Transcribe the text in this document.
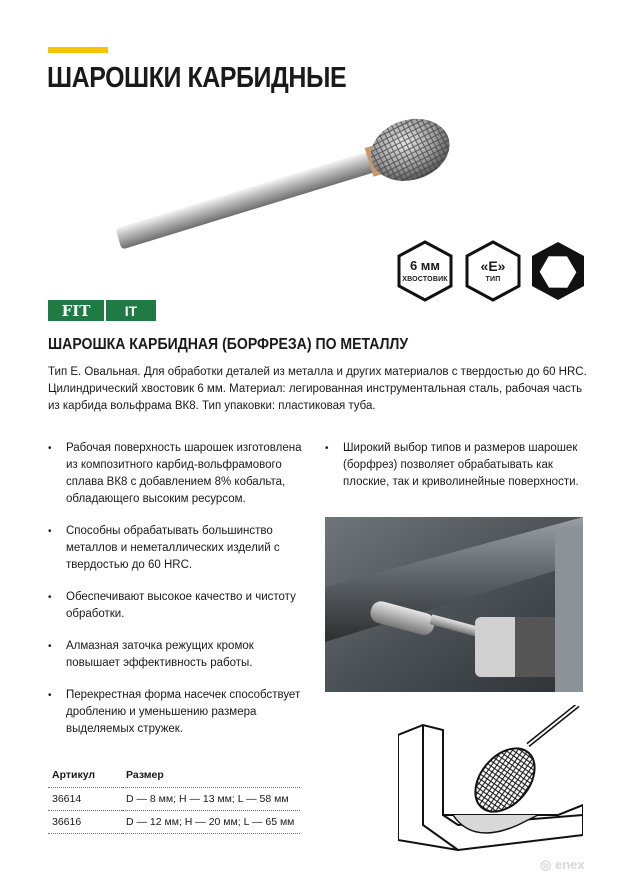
ШАРОШКИ КАРБИДНЫЕ
6 мм
ХВОСТОВИК
«Е»
ТИП
FIT	IT
ШАРОШКА КАРБИДНАЯ (БОРФРЕЗА) ПО МЕТАЛЛУ

Тип Е. Овальная. Для обработки деталей из металла и других материалов с твердостью до 60 HRC. Цилиндрический хвостовик 6 мм. Материал: легированная инструментальная сталь, рабочая часть из карбида вольфрама ВК8. Тип упаковки: пластиковая туба.

• Рабочая поверхность шарошек изготовлена из композитного карбид-вольфрамового сплава ВК8 с добавлением 8% кобальта, обладающего высоким ресурсом.
• Способны обрабатывать большинство металлов и неметаллических изделий с твердостью до 60 HRC.
• Обеспечивают высокое качество и чистоту обработки.
• Алмазная заточка режущих кромок повышает эффективность работы.
• Перекрестная форма насечек способствует дроблению и уменьшению размера выделяемых стружек.
• Широкий выбор типов и размеров шарошек (борфрез) позволяет обрабатывать как плоские, так и криволинейные поверхности.
Артикул	Размер
36614	D — 8 мм; H — 13 мм; L — 58 мм
36616	D — 12 мм; H — 20 мм; L — 65 мм
◎ enex
